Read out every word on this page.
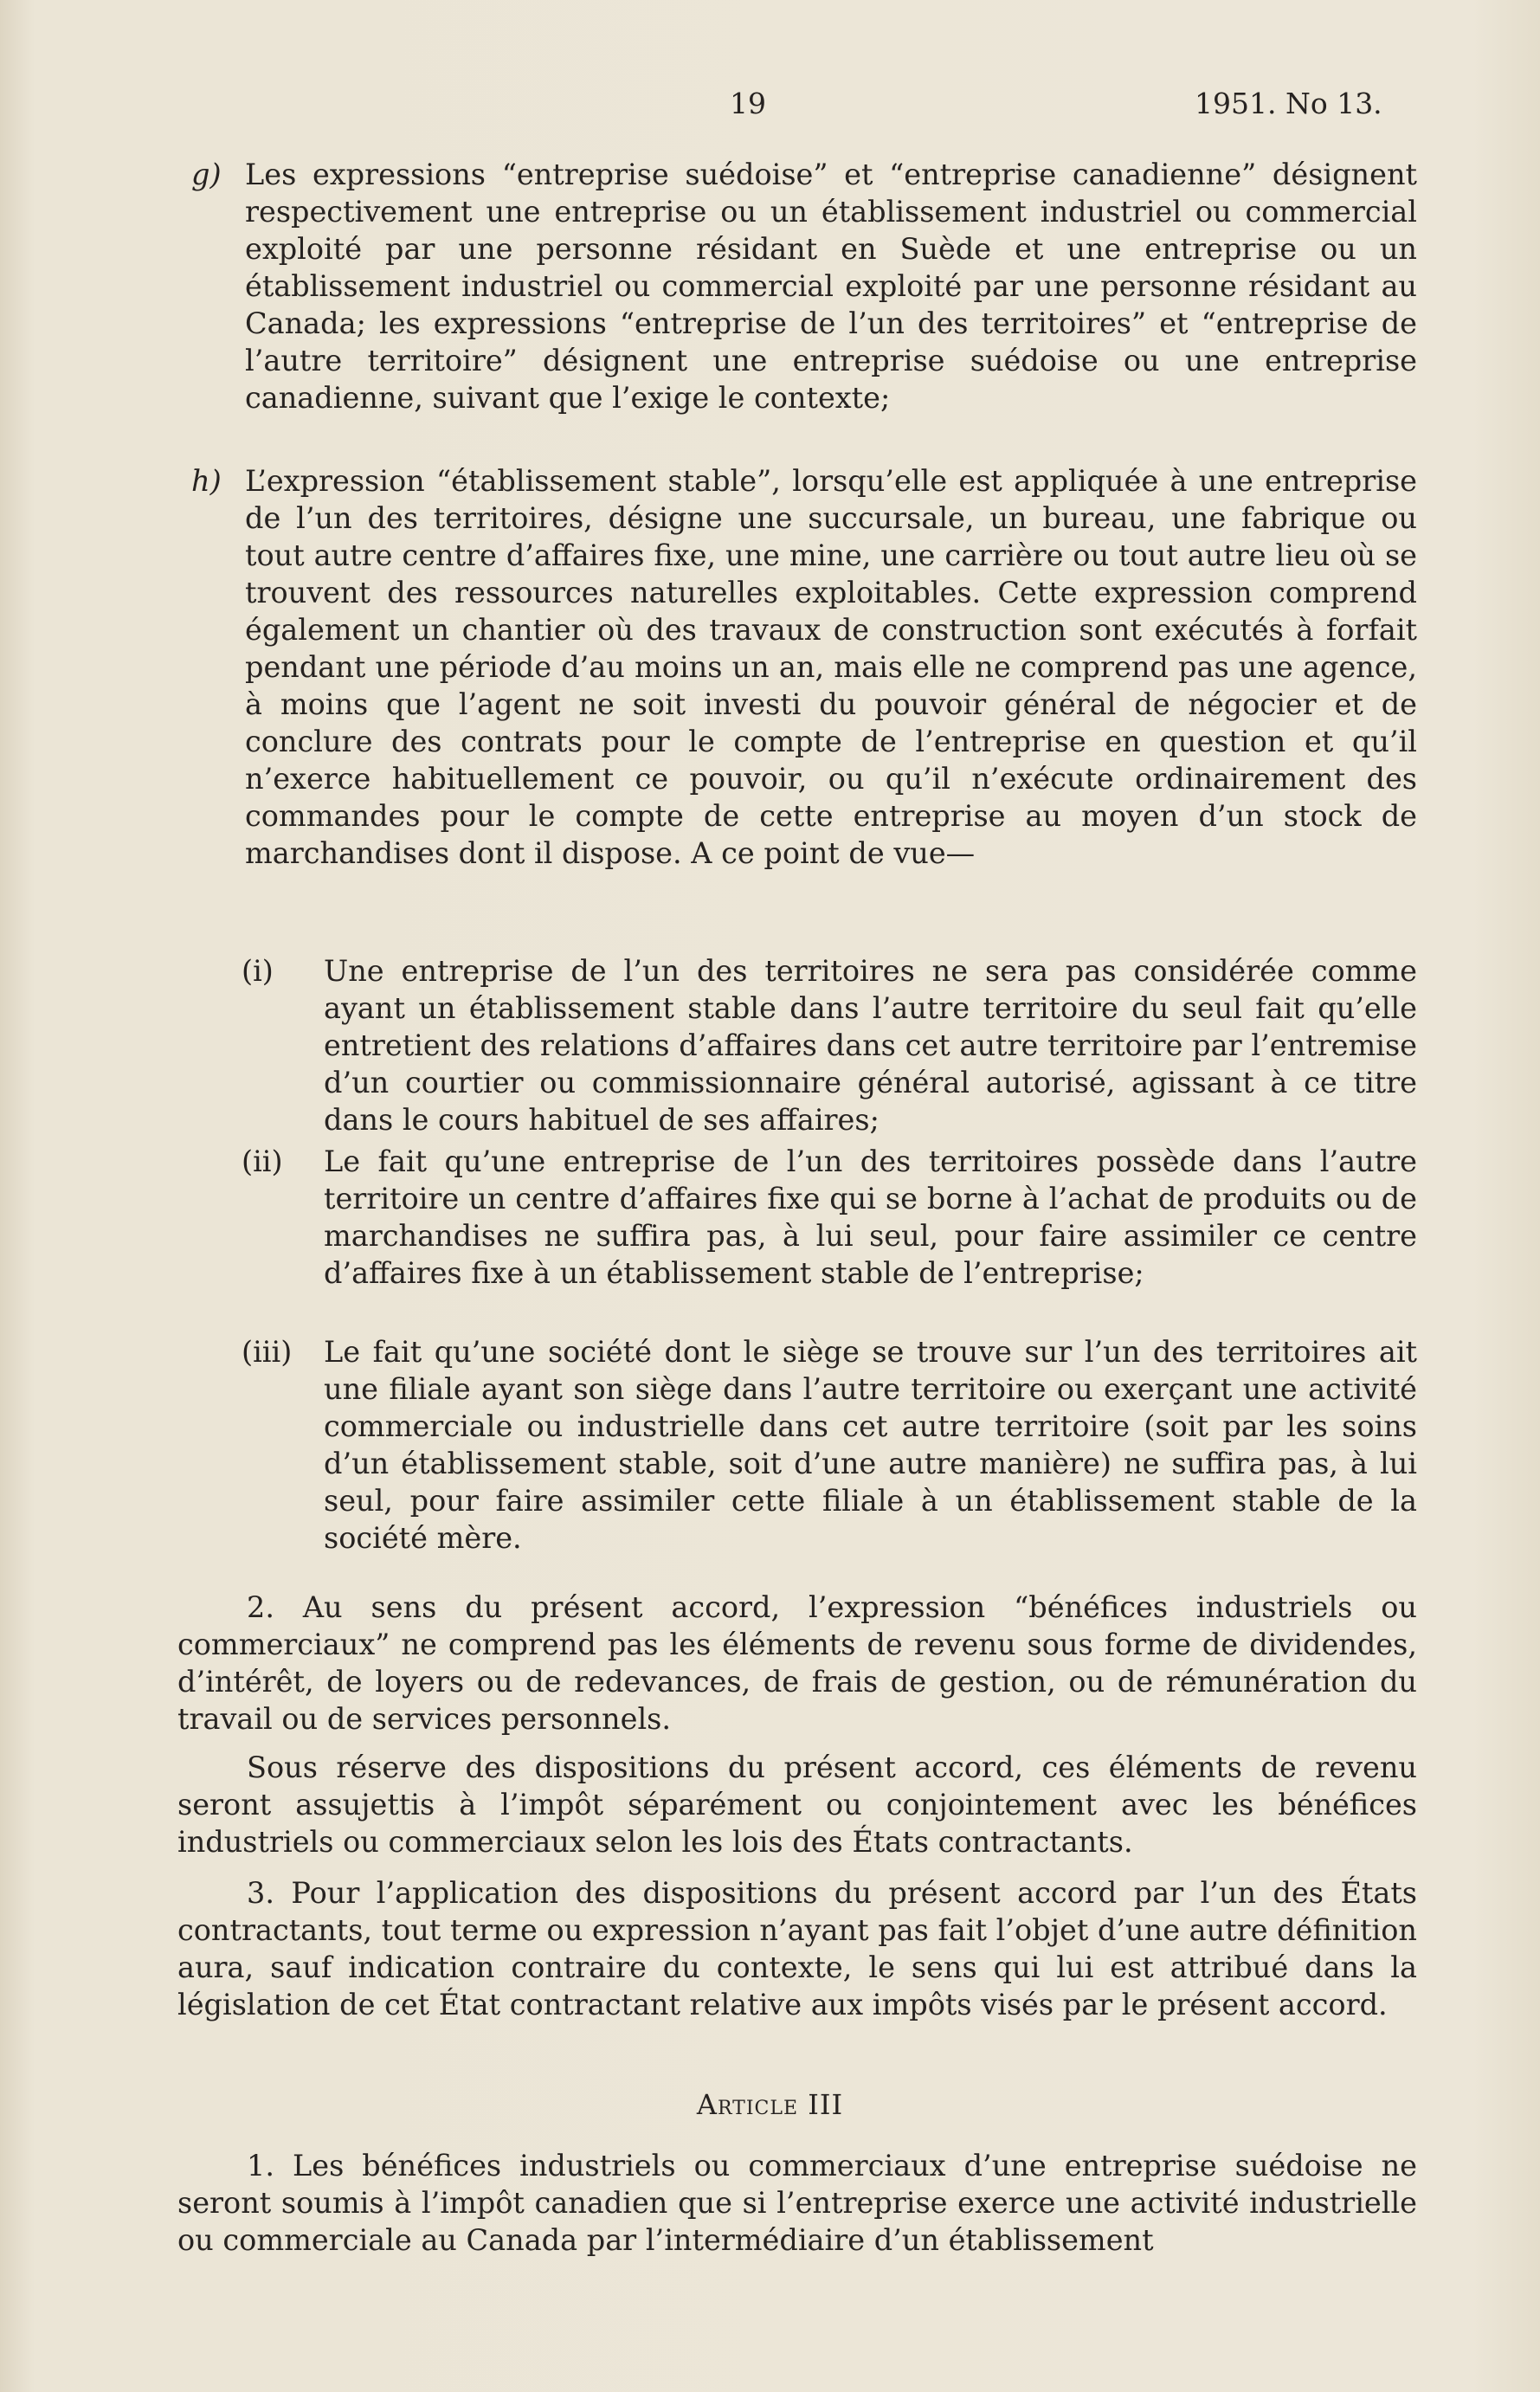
19	1951. No 13.

g) Les expressions “entreprise suédoise” et “entreprise canadienne” désignent respectivement une entreprise ou un établissement industriel ou commercial exploité par une personne résidant en Suède et une entreprise ou un établissement industriel ou commercial exploité par une personne résidant au Canada; les expressions “entreprise de l’un des territoires” et “entreprise de l’autre territoire” désignent une entreprise suédoise ou une entreprise canadienne, suivant que l’exige le contexte;

h) L’expression “établissement stable”, lorsqu’elle est appliquée à une entreprise de l’un des territoires, désigne une succursale, un bureau, une fabrique ou tout autre centre d’affaires fixe, une mine, une carrière ou tout autre lieu où se trouvent des ressources naturelles exploitables. Cette expression comprend également un chantier où des travaux de construction sont exécutés à forfait pendant une période d’au moins un an, mais elle ne comprend pas une agence, à moins que l’agent ne soit investi du pouvoir général de négocier et de conclure des contrats pour le compte de l’entreprise en question et qu’il n’exerce habituellement ce pouvoir, ou qu’il n’exécute ordinairement des commandes pour le compte de cette entreprise au moyen d’un stock de marchandises dont il dispose. A ce point de vue—

(i) Une entreprise de l’un des territoires ne sera pas considérée comme ayant un établissement stable dans l’autre territoire du seul fait qu’elle entretient des relations d’affaires dans cet autre territoire par l’entremise d’un courtier ou commissionnaire général autorisé, agissant à ce titre dans le cours habituel de ses affaires;

(ii) Le fait qu’une entreprise de l’un des territoires possède dans l’autre territoire un centre d’affaires fixe qui se borne à l’achat de produits ou de marchandises ne suffira pas, à lui seul, pour faire assimiler ce centre d’affaires fixe à un établissement stable de l’entreprise;

(iii) Le fait qu’une société dont le siège se trouve sur l’un des territoires ait une filiale ayant son siège dans l’autre territoire ou exerçant une activité commerciale ou industrielle dans cet autre territoire (soit par les soins d’un établissement stable, soit d’une autre manière) ne suffira pas, à lui seul, pour faire assimiler cette filiale à un établissement stable de la société mère.

2. Au sens du présent accord, l’expression “bénéfices industriels ou commerciaux” ne comprend pas les éléments de revenu sous forme de dividendes, d’intérêt, de loyers ou de redevances, de frais de gestion, ou de rémunération du travail ou de services personnels.

Sous réserve des dispositions du présent accord, ces éléments de revenu seront assujettis à l’impôt séparément ou conjointement avec les bénéfices industriels ou commerciaux selon les lois des États contractants.

3. Pour l’application des dispositions du présent accord par l’un des États contractants, tout terme ou expression n’ayant pas fait l’objet d’une autre définition aura, sauf indication contraire du contexte, le sens qui lui est attribué dans la législation de cet État contractant relative aux impôts visés par le présent accord.

Article III

1. Les bénéfices industriels ou commerciaux d’une entreprise suédoise ne seront soumis à l’impôt canadien que si l’entreprise exerce une activité industrielle ou commerciale au Canada par l’intermédiaire d’un établissement
